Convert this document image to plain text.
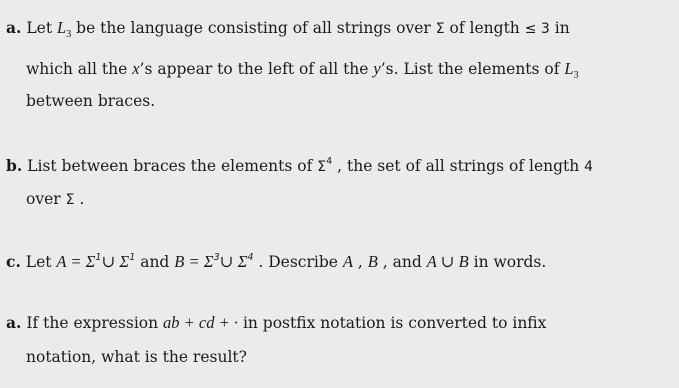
a. Let $L_3$ be the language consisting of all strings over Σ of length ≤ 3 in
which all the x’s appear to the left of all the y’s. List the elements of $L_3$
between braces.
b. List between braces the elements of $\Sigma^4$ , the set of all strings of length 4
over Σ .
c. Let $A = \Sigma^1\cup$ $\Sigma^1$ and $B = \Sigma^3\cup$ $\Sigma^4$ . Describe A , B , and A ∪ B in words.
a. If the expression ab + cd + · in postfix notation is converted to infix
notation, what is the result?
